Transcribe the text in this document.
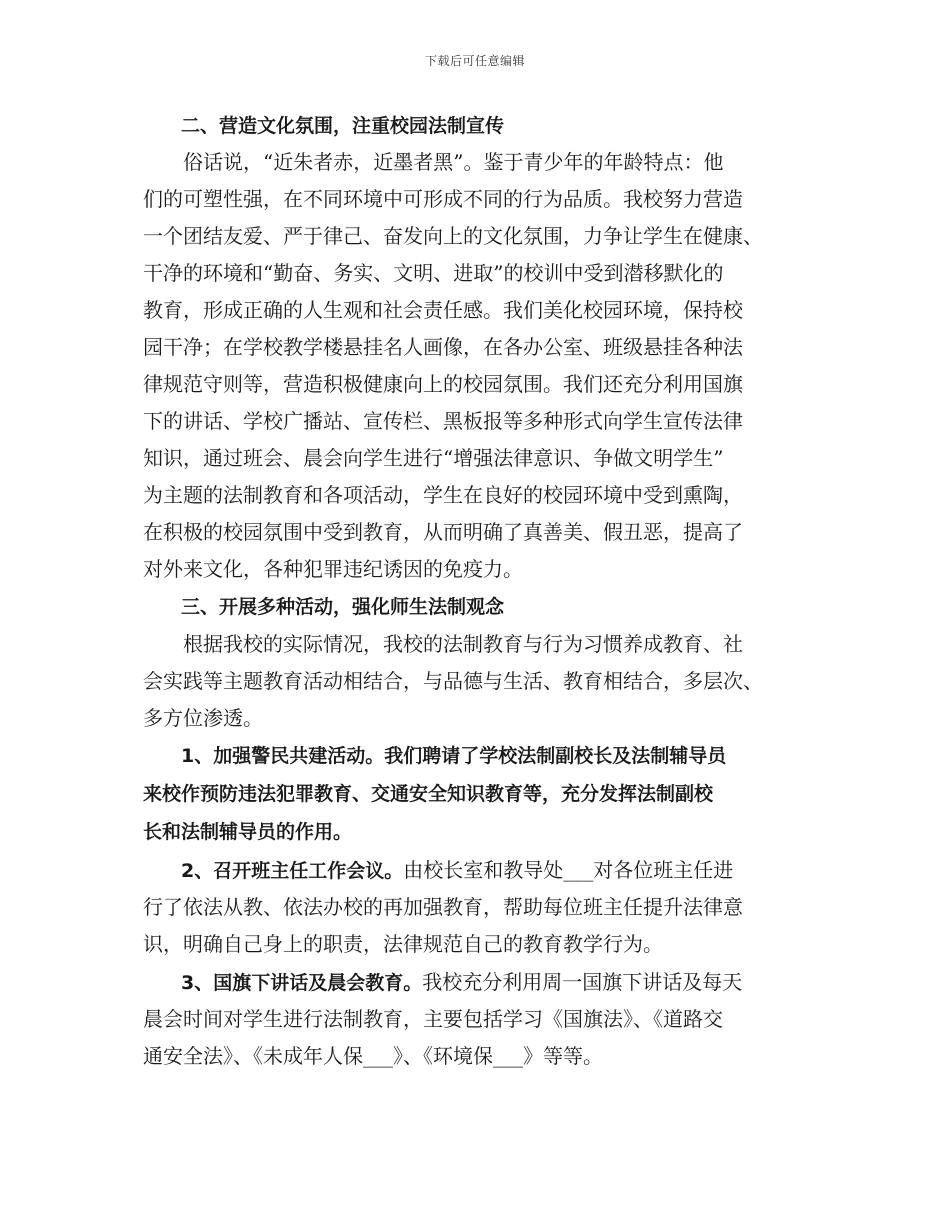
下载后可任意编辑
　　二、营造文化氛围，注重校园法制宣传
　　俗话说，“近朱者赤，近墨者黑”。鉴于青少年的年龄特点：他
们的可塑性强，在不同环境中可形成不同的行为品质。我校努力营造
一个团结友爱、严于律己、奋发向上的文化氛围，力争让学生在健康、
干净的环境和“勤奋、务实、文明、进取”的校训中受到潜移默化的
教育，形成正确的人生观和社会责任感。我们美化校园环境，保持校
园干净；在学校教学楼悬挂名人画像，在各办公室、班级悬挂各种法
律规范守则等，营造积极健康向上的校园氛围。我们还充分利用国旗
下的讲话、学校广播站、宣传栏、黑板报等多种形式向学生宣传法律
知识，通过班会、晨会向学生进行“增强法律意识、争做文明学生”
为主题的法制教育和各项活动，学生在良好的校园环境中受到熏陶，
在积极的校园氛围中受到教育，从而明确了真善美、假丑恶，提高了
对外来文化，各种犯罪违纪诱因的免疫力。
　　三、开展多种活动，强化师生法制观念
　　根据我校的实际情况，我校的法制教育与行为习惯养成教育、社
会实践等主题教育活动相结合，与品德与生活、教育相结合，多层次、
多方位渗透。
　　1、加强警民共建活动。我们聘请了学校法制副校长及法制辅导员
来校作预防违法犯罪教育、交通安全知识教育等，充分发挥法制副校
长和法制辅导员的作用。
　　2、召开班主任工作会议。由校长室和教导处___对各位班主任进
行了依法从教、依法办校的再加强教育，帮助每位班主任提升法律意
识，明确自己身上的职责，法律规范自己的教育教学行为。
　　3、国旗下讲话及晨会教育。我校充分利用周一国旗下讲话及每天
晨会时间对学生进行法制教育，主要包括学习《国旗法》、《道路交
通安全法》、《未成年人保___》、《环境保___》等等。
